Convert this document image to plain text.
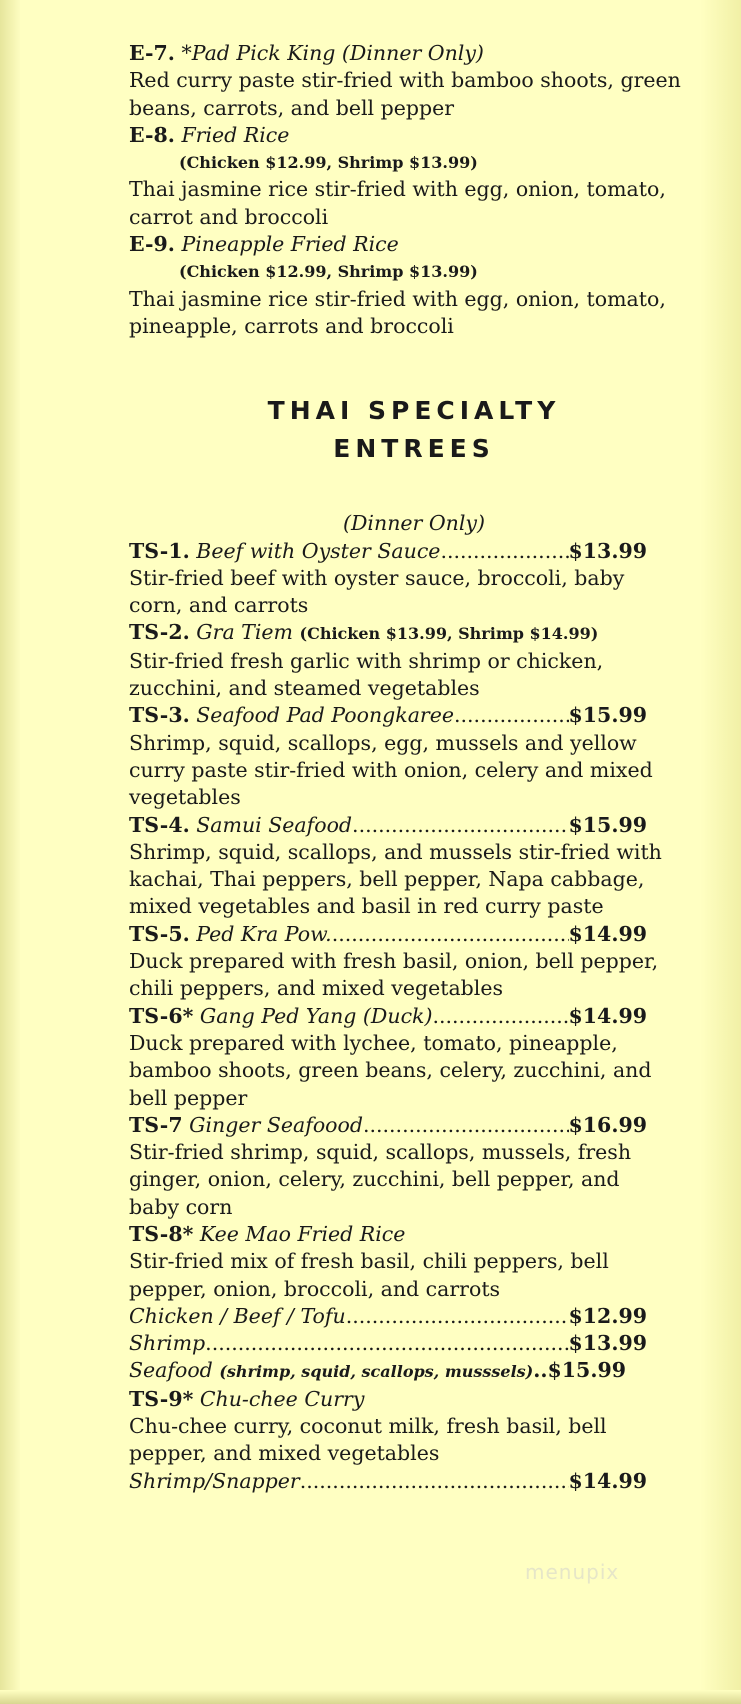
E-7. *Pad Pick King (Dinner Only)
Red curry paste stir-fried with bamboo shoots, green
beans, carrots, and bell pepper
E-8. Fried Rice
(Chicken $12.99, Shrimp $13.99)
Thai jasmine rice stir-fried with egg, onion, tomato,
carrot and broccoli
E-9. Pineapple Fried Rice
(Chicken $12.99, Shrimp $13.99)
Thai jasmine rice stir-fried with egg, onion, tomato,
pineapple, carrots and broccoli
THAI SPECIALTY
ENTREES
(Dinner Only)
TS-1.
Beef with Oyster Sauce .....	$13.99
Stir-fried beef with oyster sauce, broccoli, baby
corn, and carrots
TS-2. Gra Tiem (Chicken $13.99, Shrimp $14.99)
Stir-fried fresh garlic with shrimp or chicken,
zucchini, and steamed vegetables
TS-3.
Seafood Pad Poongkaree .....	$15.99
Shrimp, squid, scallops, egg, mussels and yellow
curry paste stir-fried with onion, celery and mixed
vegetables
TS-4.
Samui Seafood .....	$15.99
Shrimp, squid, scallops, and mussels stir-fried with
kachai, Thai peppers, bell pepper, Napa cabbage,
mixed vegetables and basil in red curry paste
TS-5.
Ped Kra Pow. .....	$14.99
Duck prepared with fresh basil, onion, bell pepper,
chili peppers, and mixed vegetables
TS-6*
Gang Ped Yang (Duck) .....	$14.99
Duck prepared with lychee, tomato, pineapple,
bamboo shoots, green beans, celery, zucchini, and
bell pepper
TS-7
Ginger Seafoood .....	$16.99
Stir-fried shrimp, squid, scallops, mussels, fresh
ginger, onion, celery, zucchini, bell pepper, and
baby corn
TS-8* Kee Mao Fried Rice
Stir-fried mix of fresh basil, chili peppers, bell
pepper, onion, broccoli, and carrots
Chicken / Beef / Tofu .....	$12.99
Shrimp .....	$13.99
Seafood (shrimp, squid, scallops, musssels)..$15.99
TS-9* Chu-chee Curry
Chu-chee curry, coconut milk, fresh basil, bell
pepper, and mixed vegetables
Shrimp/Snapper .....	$14.99
menupix
